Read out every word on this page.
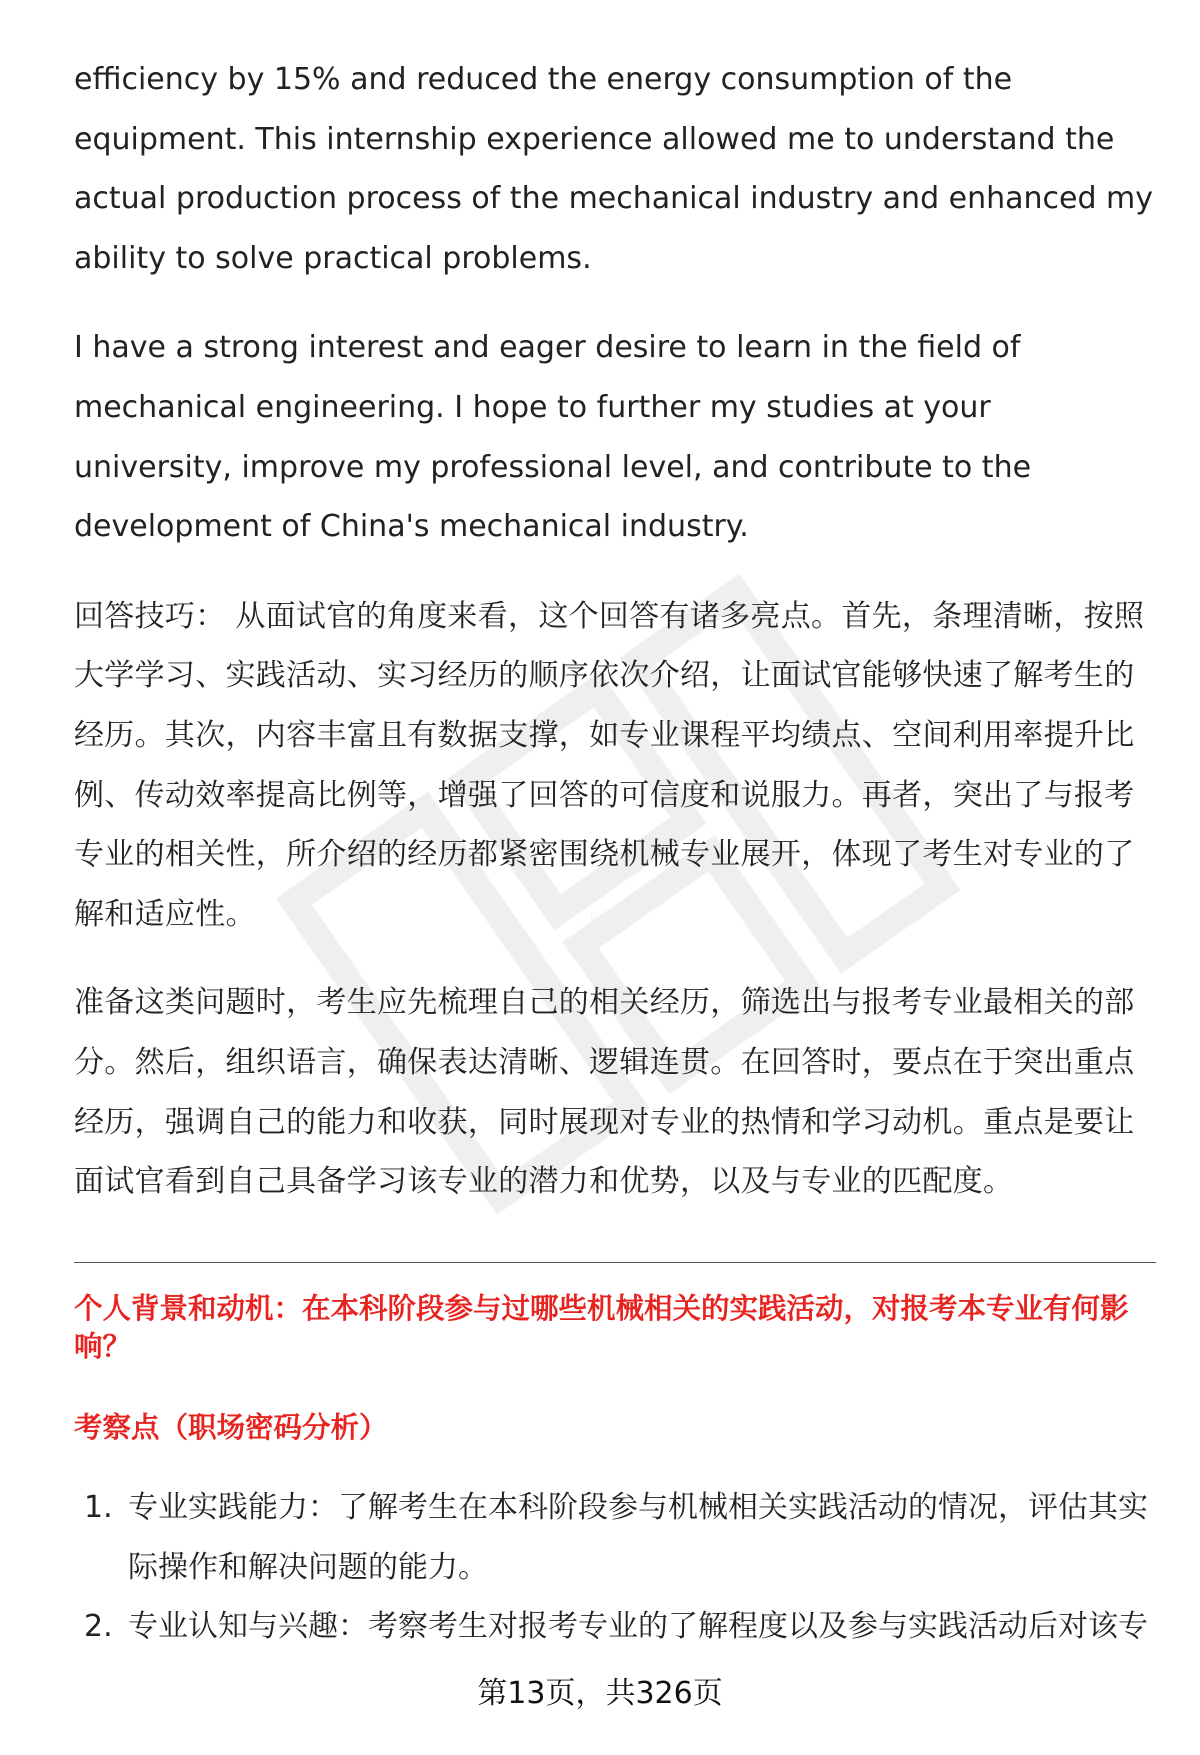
职场密码

efficiency by 15% and reduced the energy consumption of the equipment. This internship experience allowed me to understand the actual production process of the mechanical industry and enhanced my ability to solve practical problems.

I have a strong interest and eager desire to learn in the field of mechanical engineering. I hope to further my studies at your university, improve my professional level, and contribute to the development of China's mechanical industry.

回答技巧： 从面试官的角度来看，这个回答有诸多亮点。首先，条理清晰，按照大学学习、实践活动、实习经历的顺序依次介绍，让面试官能够快速了解考生的经历。其次，内容丰富且有数据支撑，如专业课程平均绩点、空间利用率提升比例、传动效率提高比例等，增强了回答的可信度和说服力。再者，突出了与报考专业的相关性，所介绍的经历都紧密围绕机械专业展开，体现了考生对专业的了解和适应性。

准备这类问题时，考生应先梳理自己的相关经历，筛选出与报考专业最相关的部分。然后，组织语言，确保表达清晰、逻辑连贯。在回答时，要点在于突出重点经历，强调自己的能力和收获，同时展现对专业的热情和学习动机。重点是要让面试官看到自己具备学习该专业的潜力和优势，以及与专业的匹配度。

个人背景和动机：在本科阶段参与过哪些机械相关的实践活动，对报考本专业有何影响？

考察点（职场密码分析）

1. 专业实践能力：了解考生在本科阶段参与机械相关实践活动的情况，评估其实际操作和解决问题的能力。
2. 专业认知与兴趣：考察考生对报考专业的了解程度以及参与实践活动后对该专
第13页，共326页
